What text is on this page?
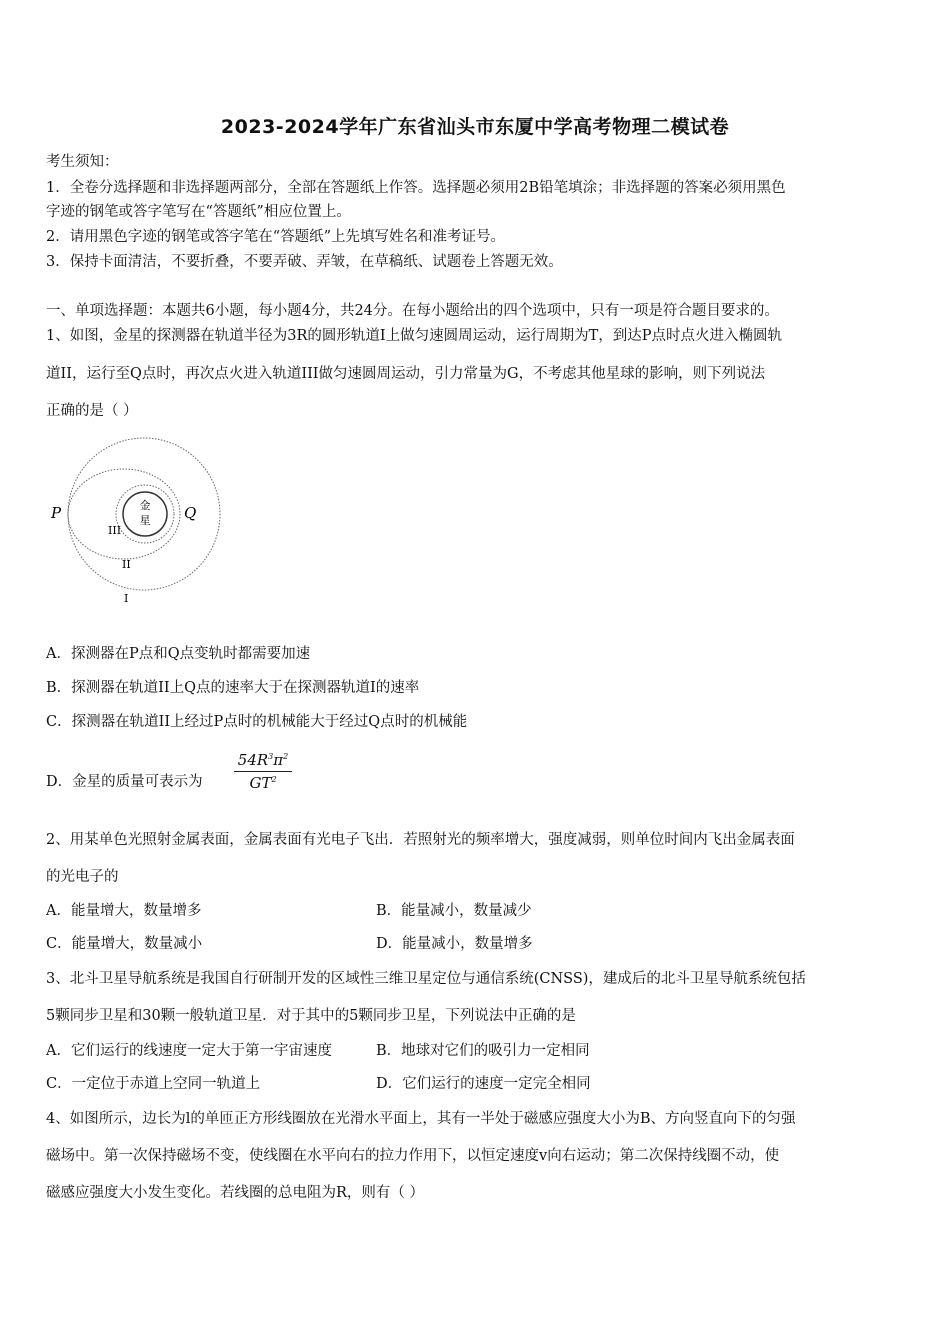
2023-2024学年广东省汕头市东厦中学高考物理二模试卷
考生须知：
1．全卷分选择题和非选择题两部分，全部在答题纸上作答。选择题必须用2B铅笔填涂；非选择题的答案必须用黑色
字迹的钢笔或答字笔写在“答题纸”相应位置上。
2．请用黑色字迹的钢笔或答字笔在“答题纸”上先填写姓名和准考证号。
3．保持卡面清洁，不要折叠，不要弄破、弄皱，在草稿纸、试题卷上答题无效。
一、单项选择题：本题共6小题，每小题4分，共24分。在每小题给出的四个选项中，只有一项是符合题目要求的。
1、如图，金星的探测器在轨道半径为3R的圆形轨道I上做匀速圆周运动，运行周期为T，到达P点时点火进入椭圆轨
道II，运行至Q点时，再次点火进入轨道III做匀速圆周运动，引力常量为G，不考虑其他星球的影响，则下列说法
正确的是（ ）
金
星
P	Q
III
II
I
A．探测器在P点和Q点变轨时都需要加速
B．探测器在轨道II上Q点的速率大于在探测器轨道I的速率
C．探测器在轨道II上经过P点时的机械能大于经过Q点时的机械能
D．金星的质量可表示为	$\frac{54R^3\pi^2}{GT^2}$
2、用某单色光照射金属表面，金属表面有光电子飞出．若照射光的频率增大，强度减弱，则单位时间内飞出金属表面
的光电子的
A．能量增大，数量增多	B．能量减小，数量减少
C．能量增大，数量减小	D．能量减小，数量增多
3、北斗卫星导航系统是我国自行研制开发的区域性三维卫星定位与通信系统(CNSS)，建成后的北斗卫星导航系统包括
5颗同步卫星和30颗一般轨道卫星．对于其中的5颗同步卫星，下列说法中正确的是
A．它们运行的线速度一定大于第一宇宙速度	B．地球对它们的吸引力一定相同
C．一定位于赤道上空同一轨道上	D．它们运行的速度一定完全相同
4、如图所示，边长为l的单匝正方形线圈放在光滑水平面上，其有一半处于磁感应强度大小为B、方向竖直向下的匀强
磁场中。第一次保持磁场不变，使线圈在水平向右的拉力作用下，以恒定速度v向右运动；第二次保持线圈不动，使
磁感应强度大小发生变化。若线圈的总电阻为R，则有（ ）
